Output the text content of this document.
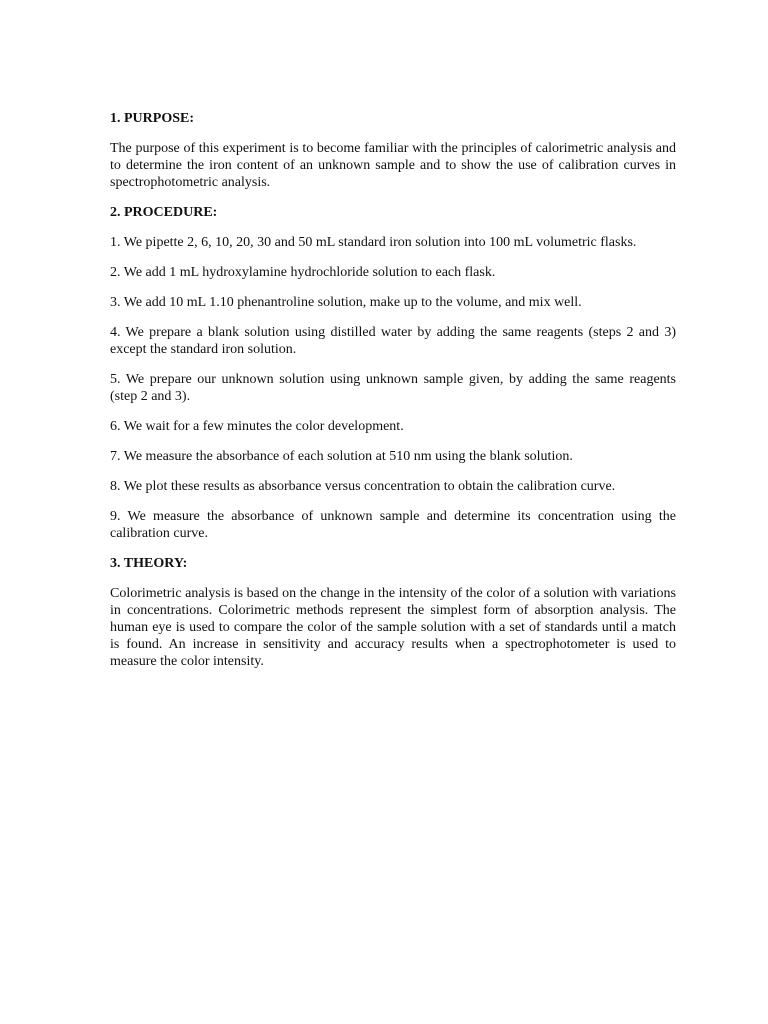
1. PURPOSE:
The purpose of this experiment is to become familiar with the principles of calorimetric analysis and to determine the iron content of an unknown sample and to show the use of calibration curves in spectrophotometric analysis.
2. PROCEDURE:
1. We pipette 2, 6, 10, 20, 30 and 50 mL standard iron solution into 100 mL volumetric flasks.
2. We add 1 mL hydroxylamine hydrochloride solution to each flask.
3. We add 10 mL 1.10 phenantroline solution, make up to the volume, and mix well.
4. We prepare a blank solution using distilled water by adding the same reagents (steps 2 and 3) except the standard iron solution.
5. We prepare our unknown solution using unknown sample given, by adding the same reagents (step 2 and 3).
6. We wait for a few minutes the color development.
7. We measure the absorbance of each solution at 510 nm using the blank solution.
8. We plot these results as absorbance versus concentration to obtain the calibration curve.
9. We measure the absorbance of unknown sample and determine its concentration using the calibration curve.
3. THEORY:
Colorimetric analysis is based on the change in the intensity of the color of a solution with variations in concentrations. Colorimetric methods represent the simplest form of absorption analysis. The human eye is used to compare the color of the sample solution with a set of standards until a match is found. An increase in sensitivity and accuracy results when a spectrophotometer is used to measure the color intensity.
